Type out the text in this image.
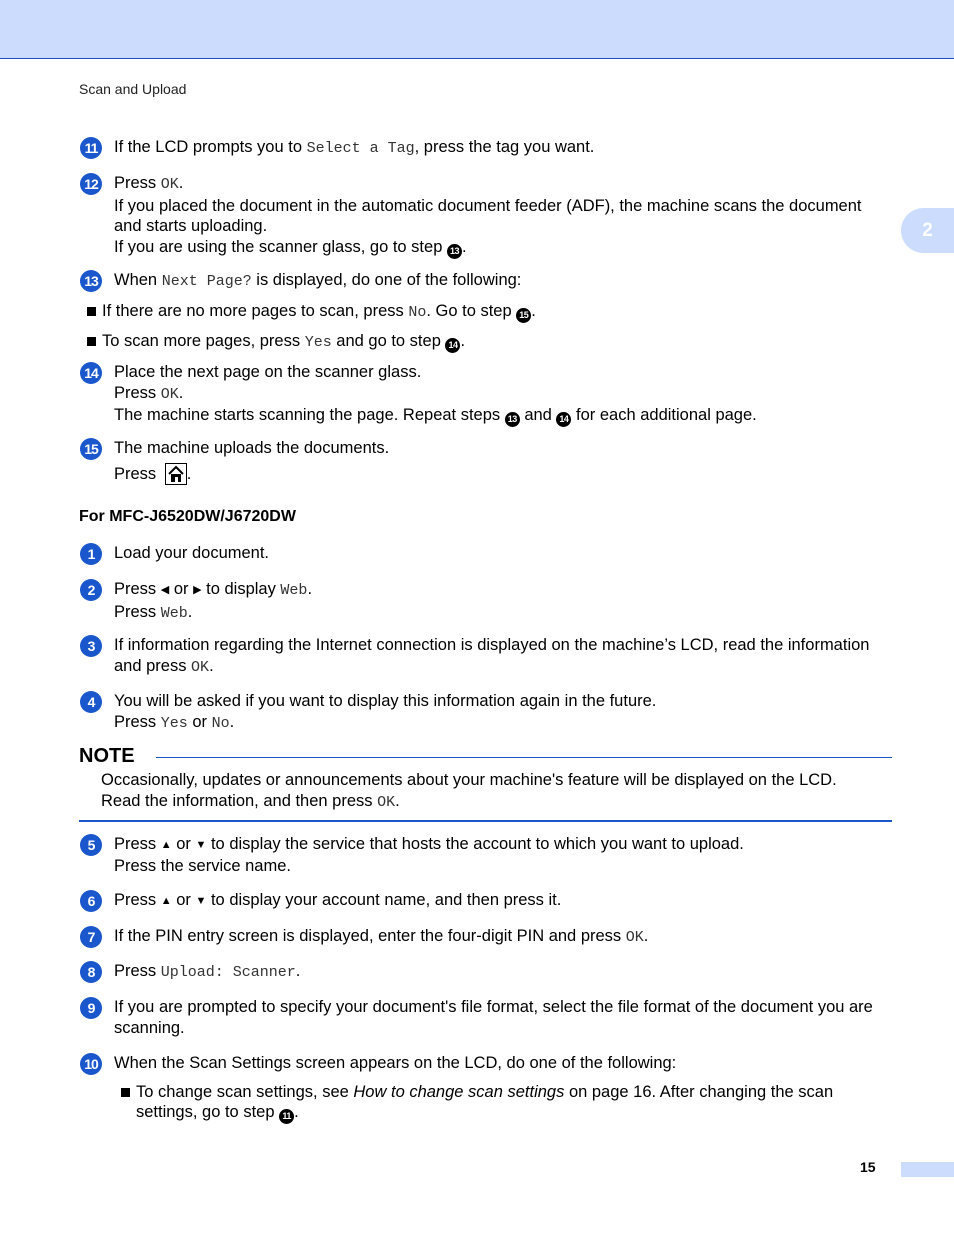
Scan and Upload
2
11 If the LCD prompts you to Select a Tag, press the tag you want.
12 Press OK.
If you placed the document in the automatic document feeder (ADF), the machine scans the document and starts uploading.
If you are using the scanner glass, go to step 13 .
13 When Next Page? is displayed, do one of the following:
If there are no more pages to scan, press No. Go to step 15 .
To scan more pages, press Yes and go to step 14 .
14 Place the next page on the scanner glass.
Press OK.
The machine starts scanning the page. Repeat steps 13 and 14 for each additional page.
15 The machine uploads the documents.
Press .
For MFC-J6520DW/J6720DW
1	Load your document.
2	Press ◀ or ▶ to display Web.
Press Web.
3	If information regarding the Internet connection is displayed on the machine’s LCD, read the information and press OK.
4	You will be asked if you want to display this information again in the future.
Press Yes or No.
NOTE
Occasionally, updates or announcements about your machine's feature will be displayed on the LCD.
Read the information, and then press OK.
5	Press ▲ or ▼ to display the service that hosts the account to which you want to upload.
Press the service name.
6	Press ▲ or ▼ to display your account name, and then press it.
7	If the PIN entry screen is displayed, enter the four-digit PIN and press OK.
8	Press Upload: Scanner.
9	If you are prompted to specify your document's file format, select the file format of the document you are scanning.
10 When the Scan Settings screen appears on the LCD, do one of the following:
To change scan settings, see How to change scan settings on page 16. After changing the scan settings, go to step 11 .
15
